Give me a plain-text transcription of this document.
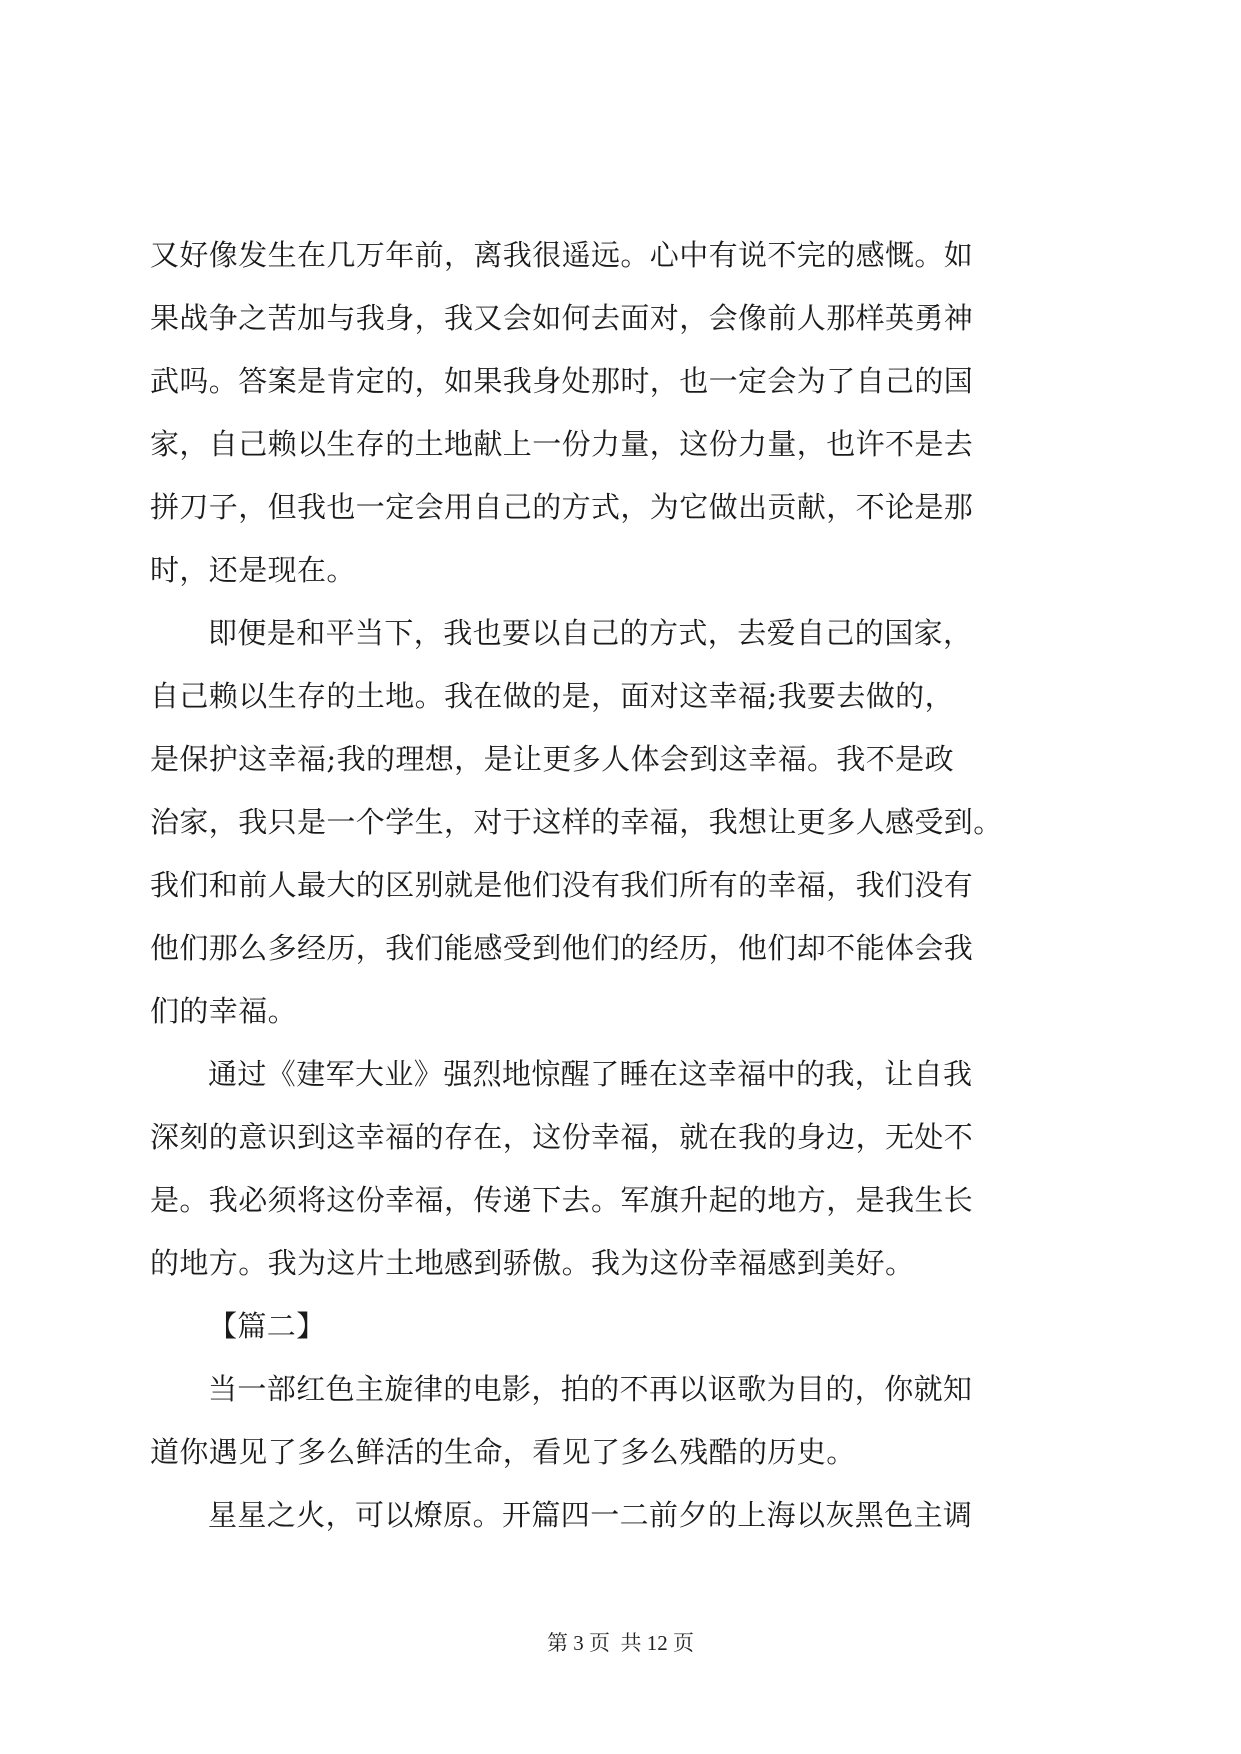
又好像发生在几万年前，离我很遥远。心中有说不完的感慨。如
果战争之苦加与我身，我又会如何去面对，会像前人那样英勇神
武吗。答案是肯定的，如果我身处那时，也一定会为了自己的国
家，自己赖以生存的土地献上一份力量，这份力量，也许不是去
拼刀子，但我也一定会用自己的方式，为它做出贡献，不论是那
时，还是现在。
即便是和平当下，我也要以自己的方式，去爱自己的国家，
自己赖以生存的土地。我在做的是，面对这幸福;我要去做的，
是保护这幸福;我的理想，是让更多人体会到这幸福。我不是政
治家，我只是一个学生，对于这样的幸福，我想让更多人感受到。
我们和前人最大的区别就是他们没有我们所有的幸福，我们没有
他们那么多经历，我们能感受到他们的经历，他们却不能体会我
们的幸福。
通过《建军大业》强烈地惊醒了睡在这幸福中的我，让自我
深刻的意识到这幸福的存在，这份幸福，就在我的身边，无处不
是。我必须将这份幸福，传递下去。军旗升起的地方，是我生长
的地方。我为这片土地感到骄傲。我为这份幸福感到美好。
【篇二】
当一部红色主旋律的电影，拍的不再以讴歌为目的，你就知
道你遇见了多么鲜活的生命，看见了多么残酷的历史。
星星之火，可以燎原。开篇四一二前夕的上海以灰黑色主调
第 3 页  共 12 页
